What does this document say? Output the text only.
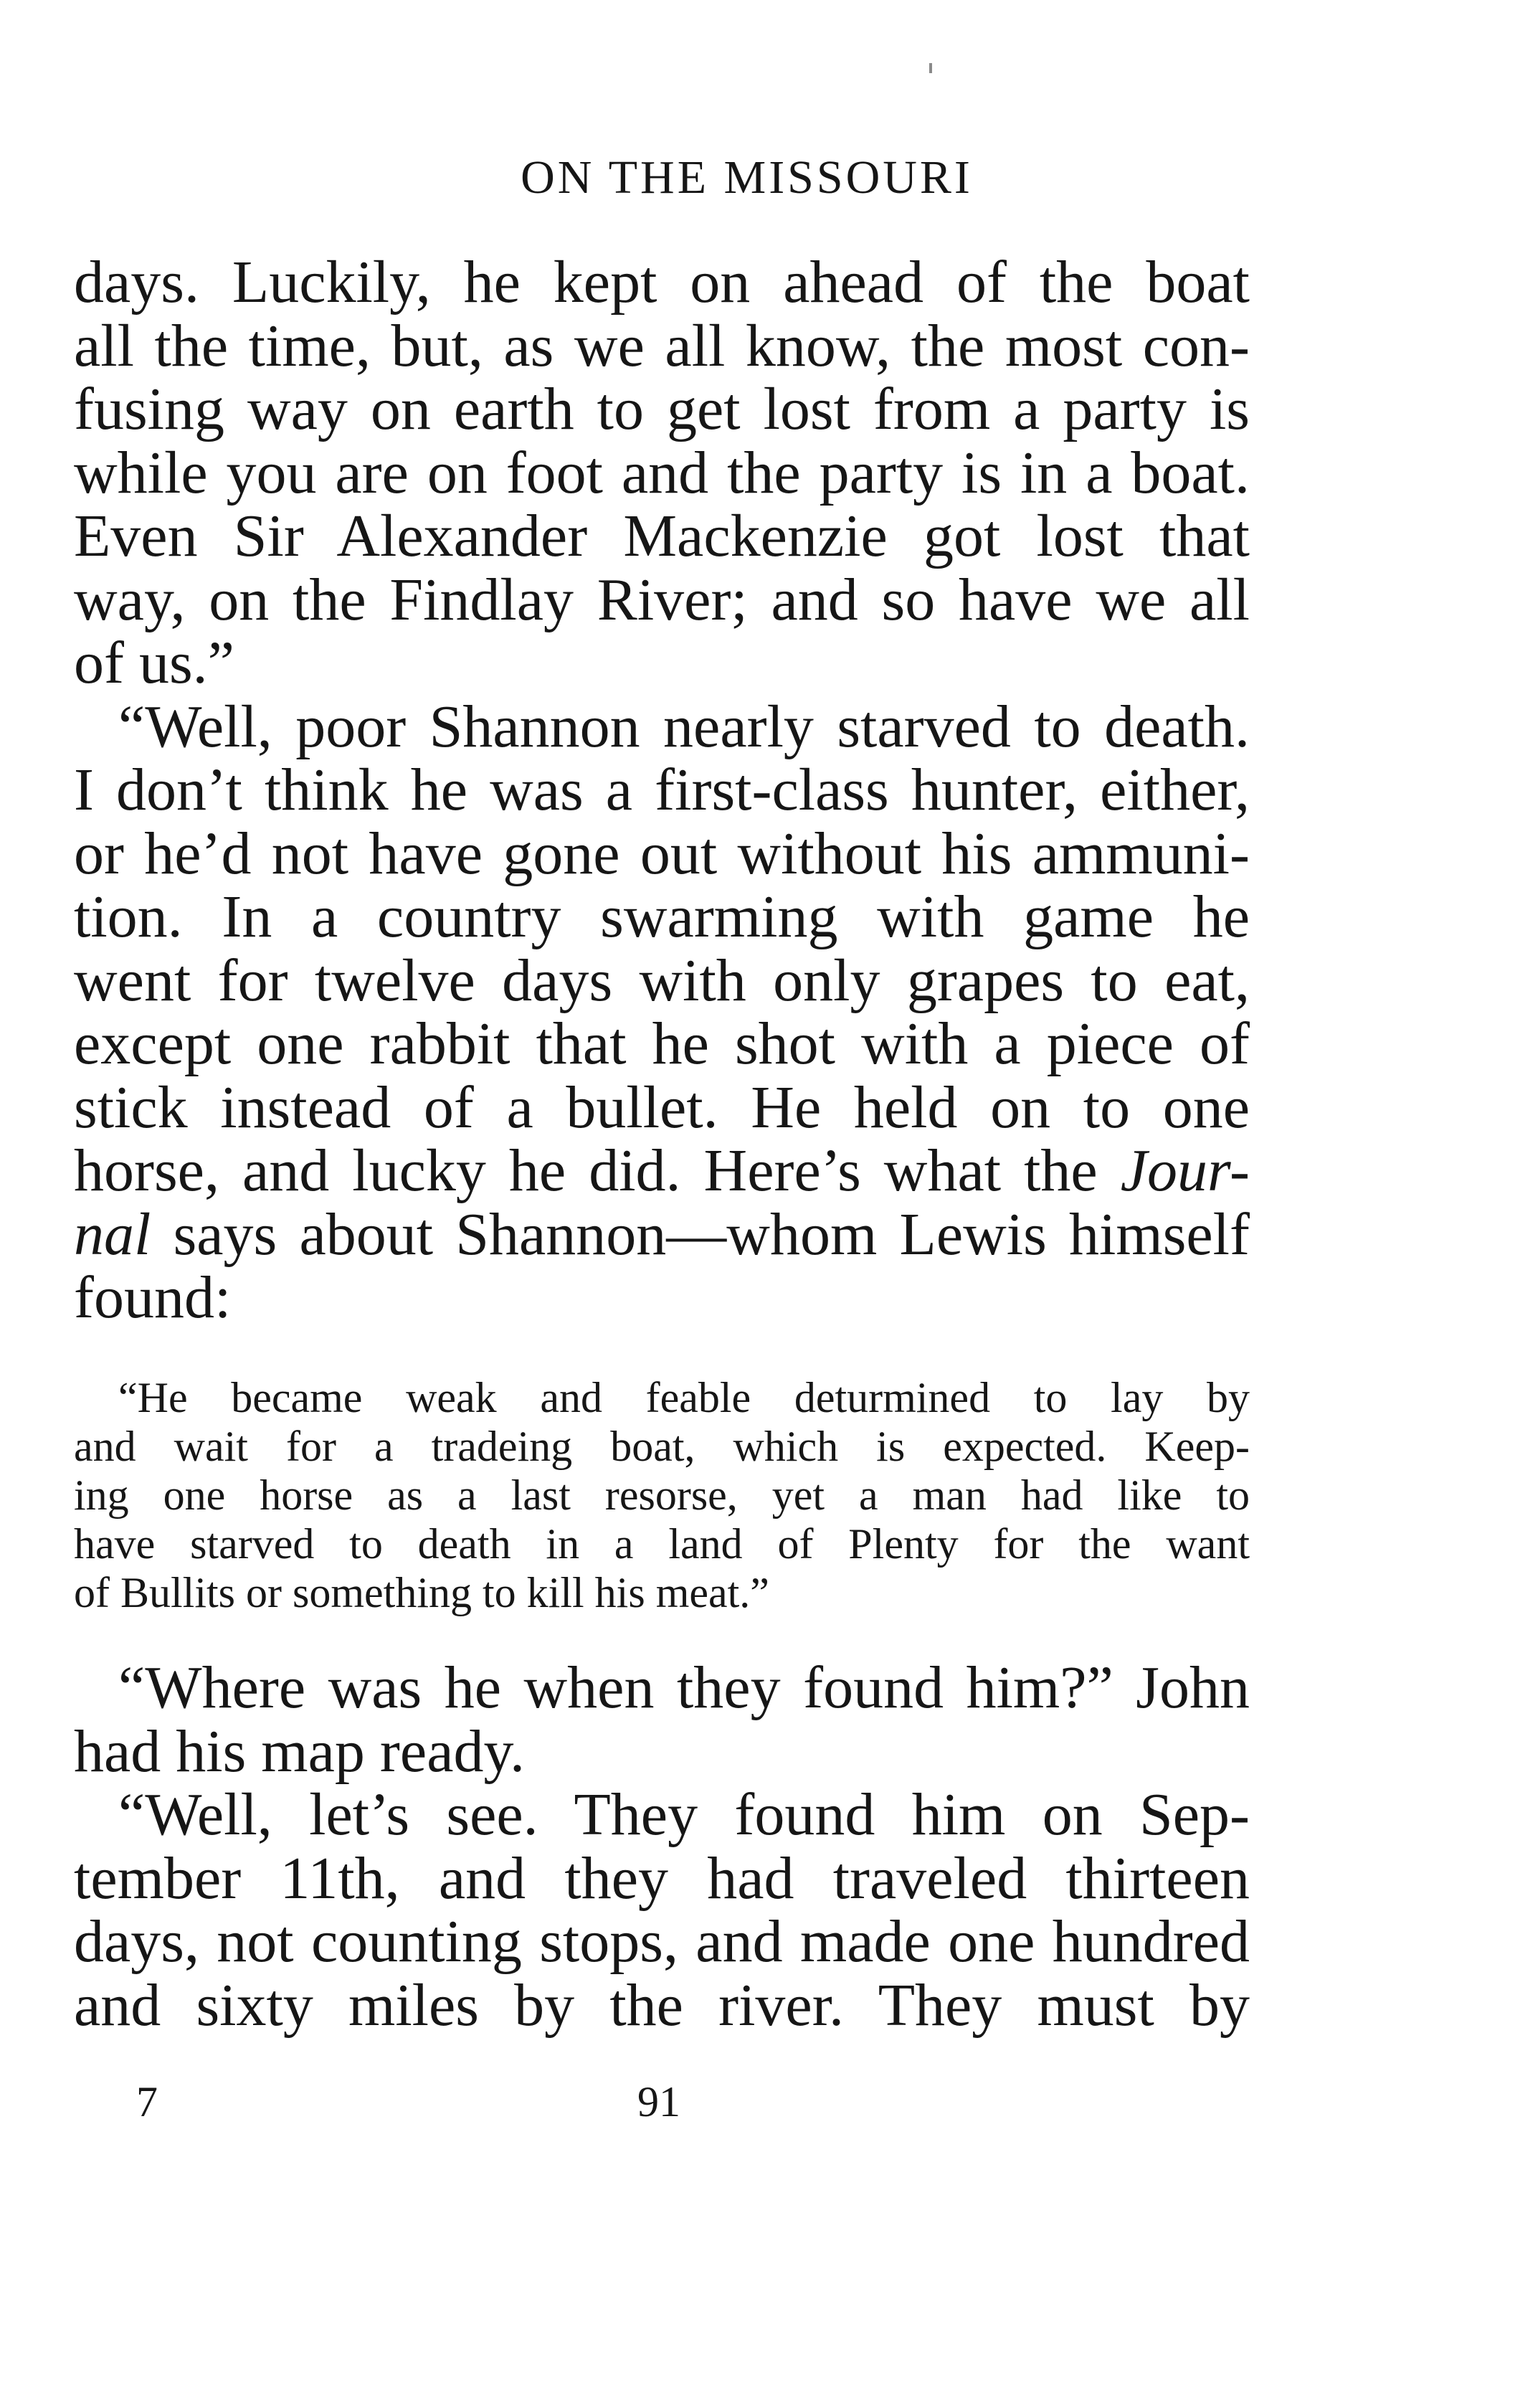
ON THE MISSOURI
days. Luckily, he kept on ahead of the boat
all the time, but, as we all know, the most con-
fusing way on earth to get lost from a party is
while you are on foot and the party is in a boat.
Even Sir Alexander Mackenzie got lost that
way, on the Findlay River; and so have we all
of us.”
“Well, poor Shannon nearly starved to death.
I don’t think he was a first-class hunter, either,
or he’d not have gone out without his ammuni-
tion. In a country swarming with game he
went for twelve days with only grapes to eat,
except one rabbit that he shot with a piece of
stick instead of a bullet. He held on to one
horse, and lucky he did. Here’s what the Jour-
nal says about Shannon—whom Lewis himself
found:
“He became weak and feable deturmined to lay by
and wait for a tradeing boat, which is expected. Keep-
ing one horse as a last resorse, yet a man had like to
have starved to death in a land of Plenty for the want
of Bullits or something to kill his meat.”
“Where was he when they found him?” John
had his map ready.
“Well, let’s see. They found him on Sep-
tember 11th, and they had traveled thirteen
days, not counting stops, and made one hundred
and sixty miles by the river. They must by

7	91
